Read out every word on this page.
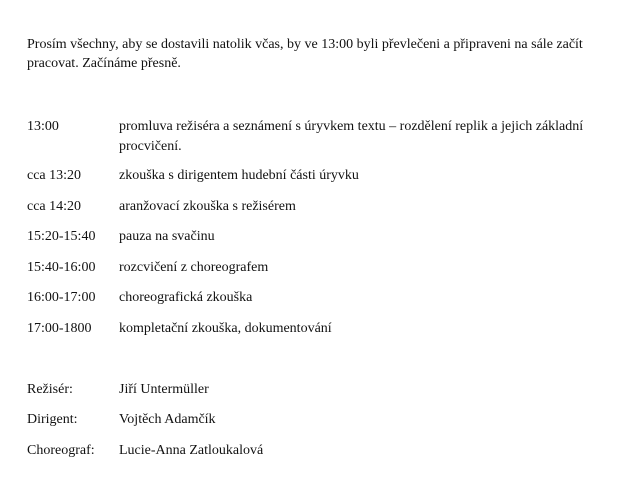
Prosím všechny, aby se dostavili natolik včas, by ve 13:00 byli převlečeni a připraveni na sále začít pracovat. Začínáme přesně.

13:00	promluva režiséra a seznámení s úryvkem textu – rozdělení replik a jejich základní procvičení.
cca 13:20	zkouška s dirigentem hudební části úryvku
cca 14:20	aranžovací zkouška s režisérem
15:20-15:40 pauza na svačinu
15:40-16:00 rozcvičení z choreografem
16:00-17:00 choreografická zkouška
17:00-1800 kompletační zkouška, dokumentování
Režisér:	Jiří Untermüller
Dirigent:	Vojtěch Adamčík
Choreograf: Lucie-Anna Zatloukalová
